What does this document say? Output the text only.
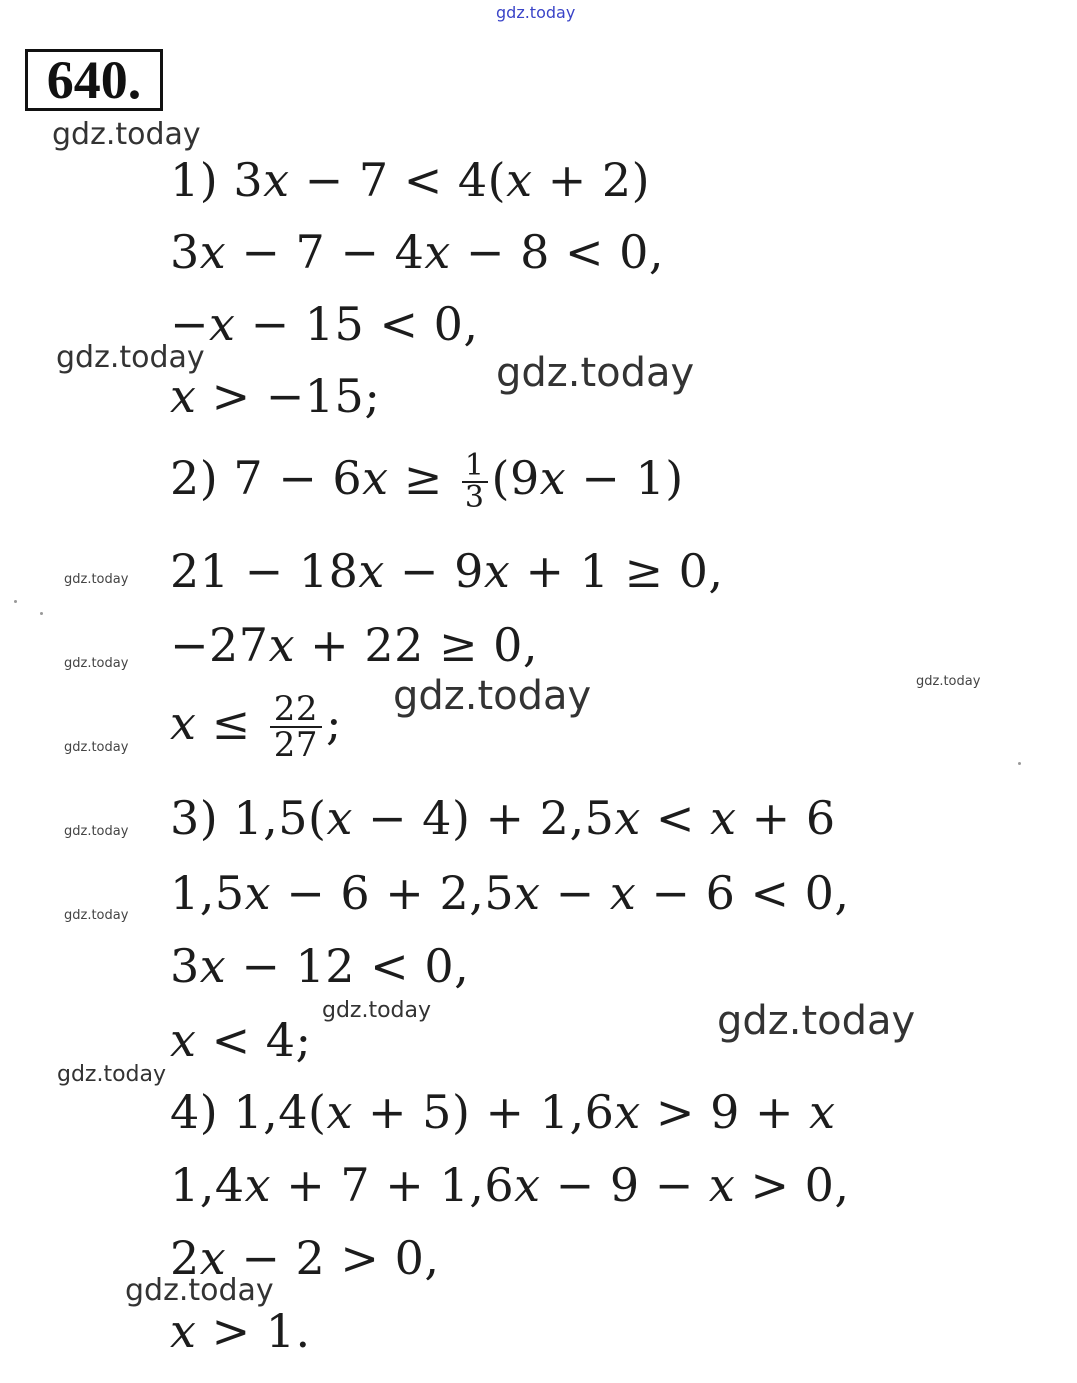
gdz.today
gdz.today
gdz.today	gdz.today
gdz.today
gdz.today
gdz.today	gdz.today
gdz.today
gdz.today
gdz.today
gdz.today	gdz.today
gdz.today
gdz.today
640.
1) 3x − 7 < 4(x + 2)
3x − 7 − 4x − 8 < 0,
−x − 15 < 0,
x > −15;
2) $7 - 6x \ge \frac{1}{3} (9x - 1)$
21 − 18x − 9x + 1 ≥ 0,
−27x + 22 ≥ 0,
$x \le \frac{22}{27}$ ;
3) 1,5(x − 4) + 2,5x < x + 6
1,5x − 6 + 2,5x − x − 6 < 0,
3x − 12 < 0,
x < 4;
4) 1,4(x + 5) + 1,6x > 9 + x
1,4x + 7 + 1,6x − 9 − x > 0,
2x − 2 > 0,
x > 1.
